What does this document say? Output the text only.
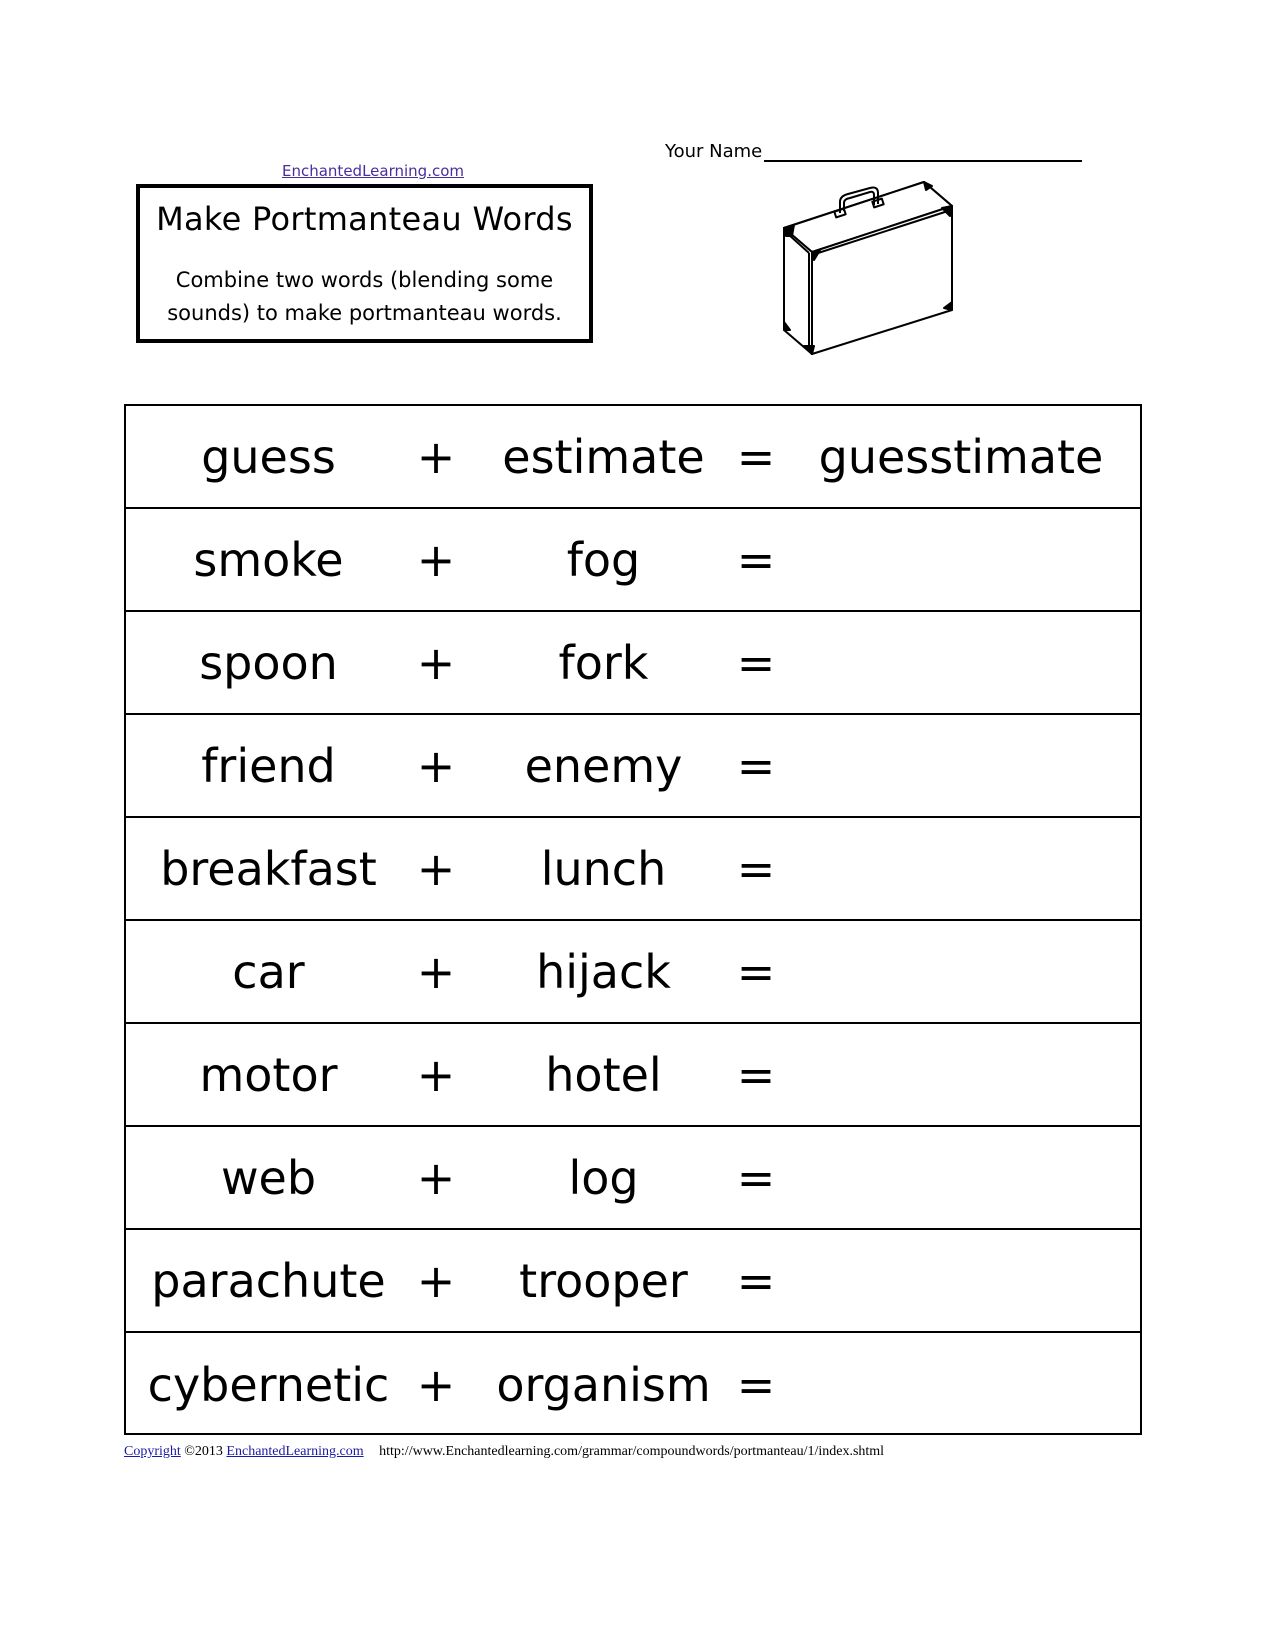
EnchantedLearning.com
Make Portmanteau Words
Combine two words (blending some sounds) to make portmanteau words.
Your Name
guess	+	estimate = guesstimate
smoke	+	fog	=
spoon	+	fork	=
friend	+	enemy	=
breakfast +	lunch	=
car	+	hijack	=
motor	+	hotel	=
web	+	log	=
parachute +	trooper	=
cybernetic + organism =
Copyright ©2013 EnchantedLearning.com http://www.Enchantedlearning.com/grammar/compoundwords/portmanteau/1/index.shtml
